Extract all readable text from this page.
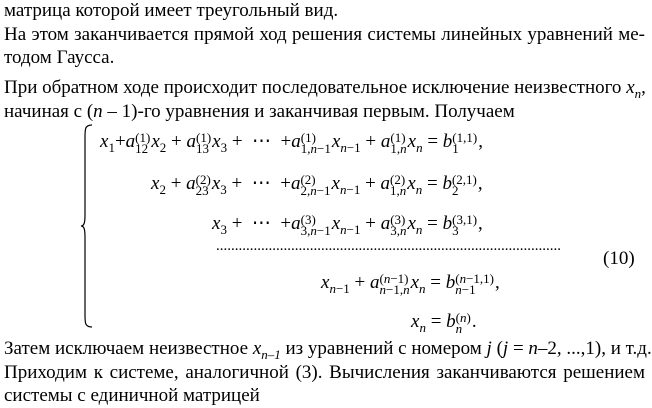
матрица которой имеет треугольный вид.
На этом заканчивается прямой ход решения системы линейных уравнений ме-
тодом Гаусса.
При обратном ходе происходит последовательное исключение неизвестного $x_n$,
начиная с (n – 1)-го уравнения и заканчивая первым. Получаем
$x_1+a$ (1)
12 $x_2 + a$ (1)
13 $x_3$ +  ⋯  +a (1)
1,n−1 $x_{n-1} + a$ (1)
1,n $x_n = b$ (1,1)
1	,
$x_2 + a$ (2)
23 $x_3$ +  ⋯  +a (2)
2,n−1 $x_{n-1} + a$ (2)
1,n $x_n = b$ (2,1)
2	,
$x_3$ +  ⋯  +a (3)
3,n−1 $x_{n-1} + a$ (3)
3,n $x_n = b$ (3,1)
3	,
............................................................................................
(10)
$x_{n-1} + a$ (n−1)
n−1,n $x_n = b$ (n−1,1)
n−1	,
$x_n = b$ (n)
n .
Затем исключаем неизвестное $x_{n-1}$ из уравнений с номером j (j = n–2, ...,1), и т.д.
Приходим к системе, аналогичной (3). Вычисления заканчиваются решением
системы с единичной матрицей
